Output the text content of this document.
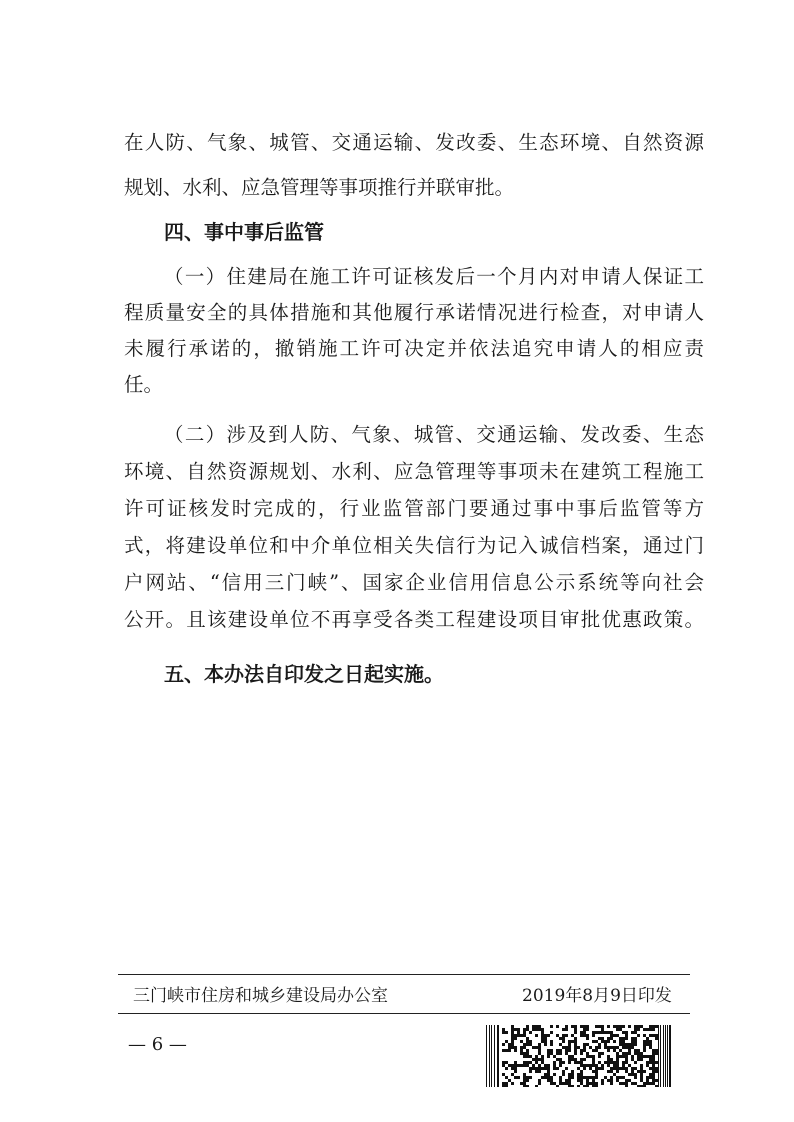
在人防、气象、城管、交通运输、发改委、生态环境、自然资源
规划、水利、应急管理等事项推行并联审批。
四、事中事后监管
（一）住建局在施工许可证核发后一个月内对申请人保证工
程质量安全的具体措施和其他履行承诺情况进行检查，对申请人
未履行承诺的，撤销施工许可决定并依法追究申请人的相应责
任。
（二）涉及到人防、气象、城管、交通运输、发改委、生态
环境、自然资源规划、水利、应急管理等事项未在建筑工程施工
许可证核发时完成的，行业监管部门要通过事中事后监管等方
式，将建设单位和中介单位相关失信行为记入诚信档案，通过门
户网站、“信用三门峡”、国家企业信用信息公示系统等向社会
公开。且该建设单位不再享受各类工程建设项目审批优惠政策。
五、本办法自印发之日起实施。
三门峡市住房和城乡建设局办公室	2019年8月9日印发
— 6 —
